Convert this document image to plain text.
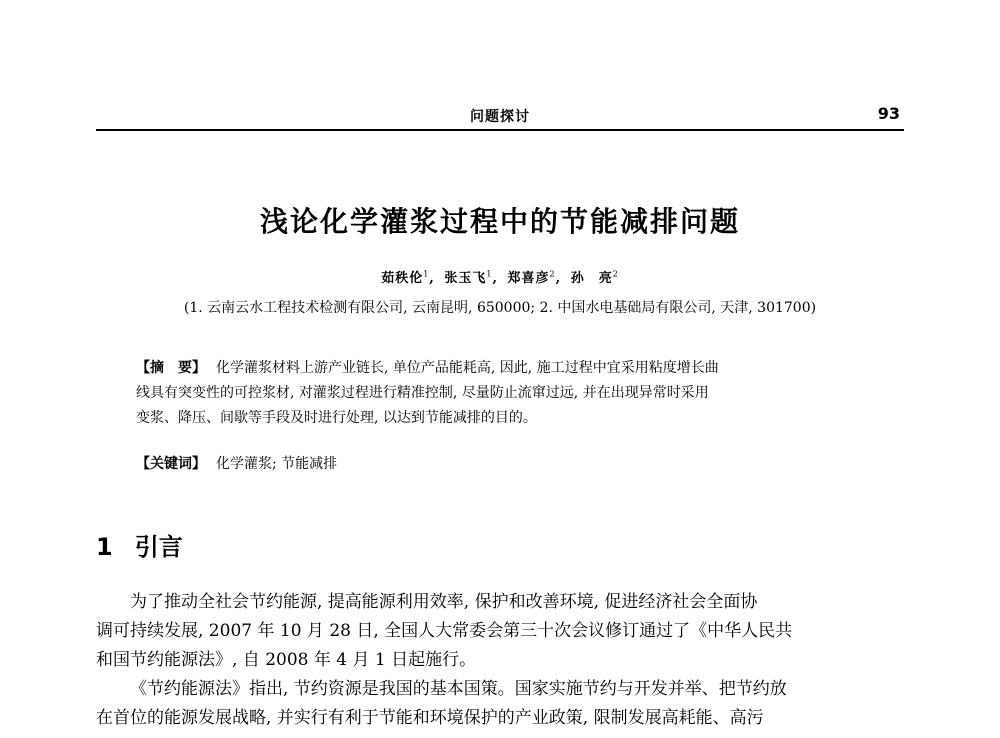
问题探讨	93
浅论化学灌浆过程中的节能减排问题
茹秩伦$^1$, 张玉飞$^1$, 郑喜彦$^2$, 孙　亮$^2$
(1. 云南云水工程技术检测有限公司, 云南昆明, 650000; 2. 中国水电基础局有限公司, 天津, 301700)
【摘　要】 化学灌浆材料上游产业链长, 单位产品能耗高, 因此, 施工过程中宜采用粘度增长曲
线具有突变性的可控浆材, 对灌浆过程进行精准控制, 尽量防止流窜过远, 并在出现异常时采用
变浆、降压、间歇等手段及时进行处理, 以达到节能减排的目的。
【关键词】 化学灌浆; 节能减排
1 引言
为了推动全社会节约能源, 提高能源利用效率, 保护和改善环境, 促进经济社会全面协
调可持续发展, 2007 年 10 月 28 日, 全国人大常委会第三十次会议修订通过了《中华人民共
和国节约能源法》, 自 2008 年 4 月 1 日起施行。
《节约能源法》指出, 节约资源是我国的基本国策。国家实施节约与开发并举、把节约放
在首位的能源发展战略, 并实行有利于节能和环境保护的产业政策, 限制发展高耗能、高污
